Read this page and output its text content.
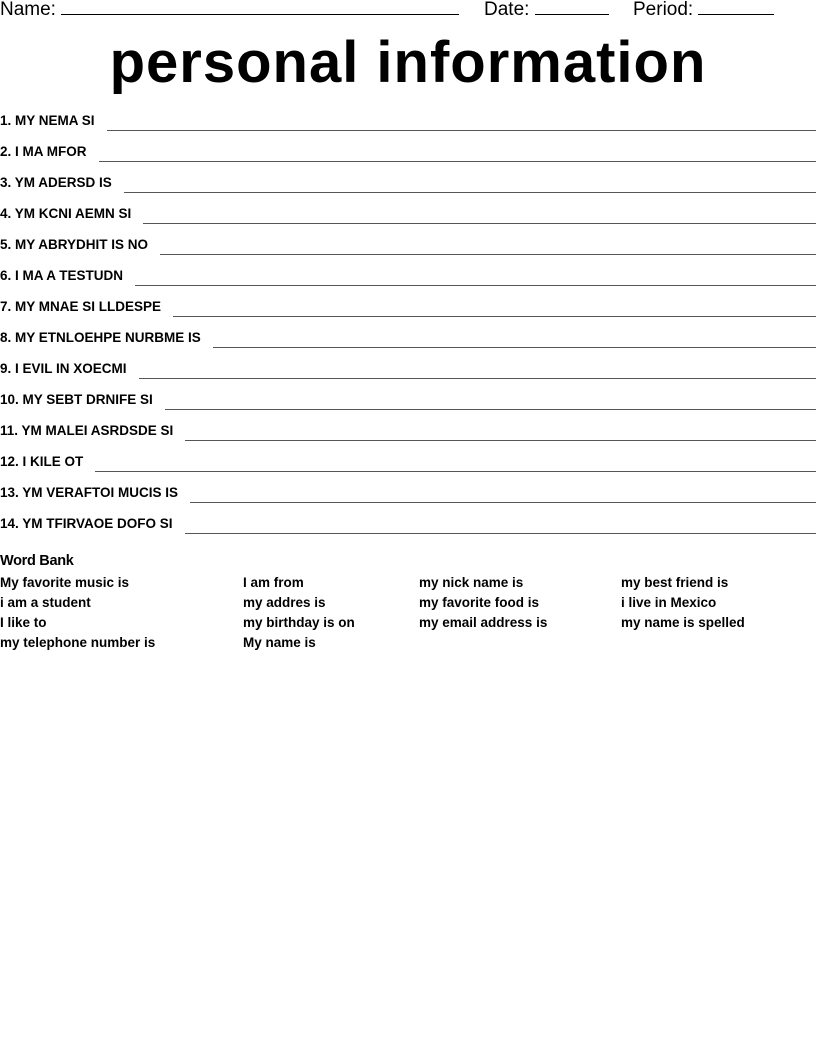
Name:	Date:	Period:
personal information
1. MY NEMA SI
2. I MA MFOR
3. YM ADERSD IS
4. YM KCNI AEMN SI
5. MY ABRYDHIT IS NO
6. I MA A TESTUDN
7. MY MNAE SI LLDESPE
8. MY ETNLOEHPE NURBME IS
9. I EVIL IN XOECMI
10. MY SEBT DRNIFE SI
11. YM MALEI ASRDSDE SI
12. I KILE OT
13. YM VERAFTOI MUCIS IS
14. YM TFIRVAOE DOFO SI
Word Bank
My favorite music is	I am from	my nick name is	my best friend is
i am a student	my addres is	my favorite food is	i live in Mexico
I like to	my birthday is on	my email address is	my name is spelled
my telephone number is	My name is
